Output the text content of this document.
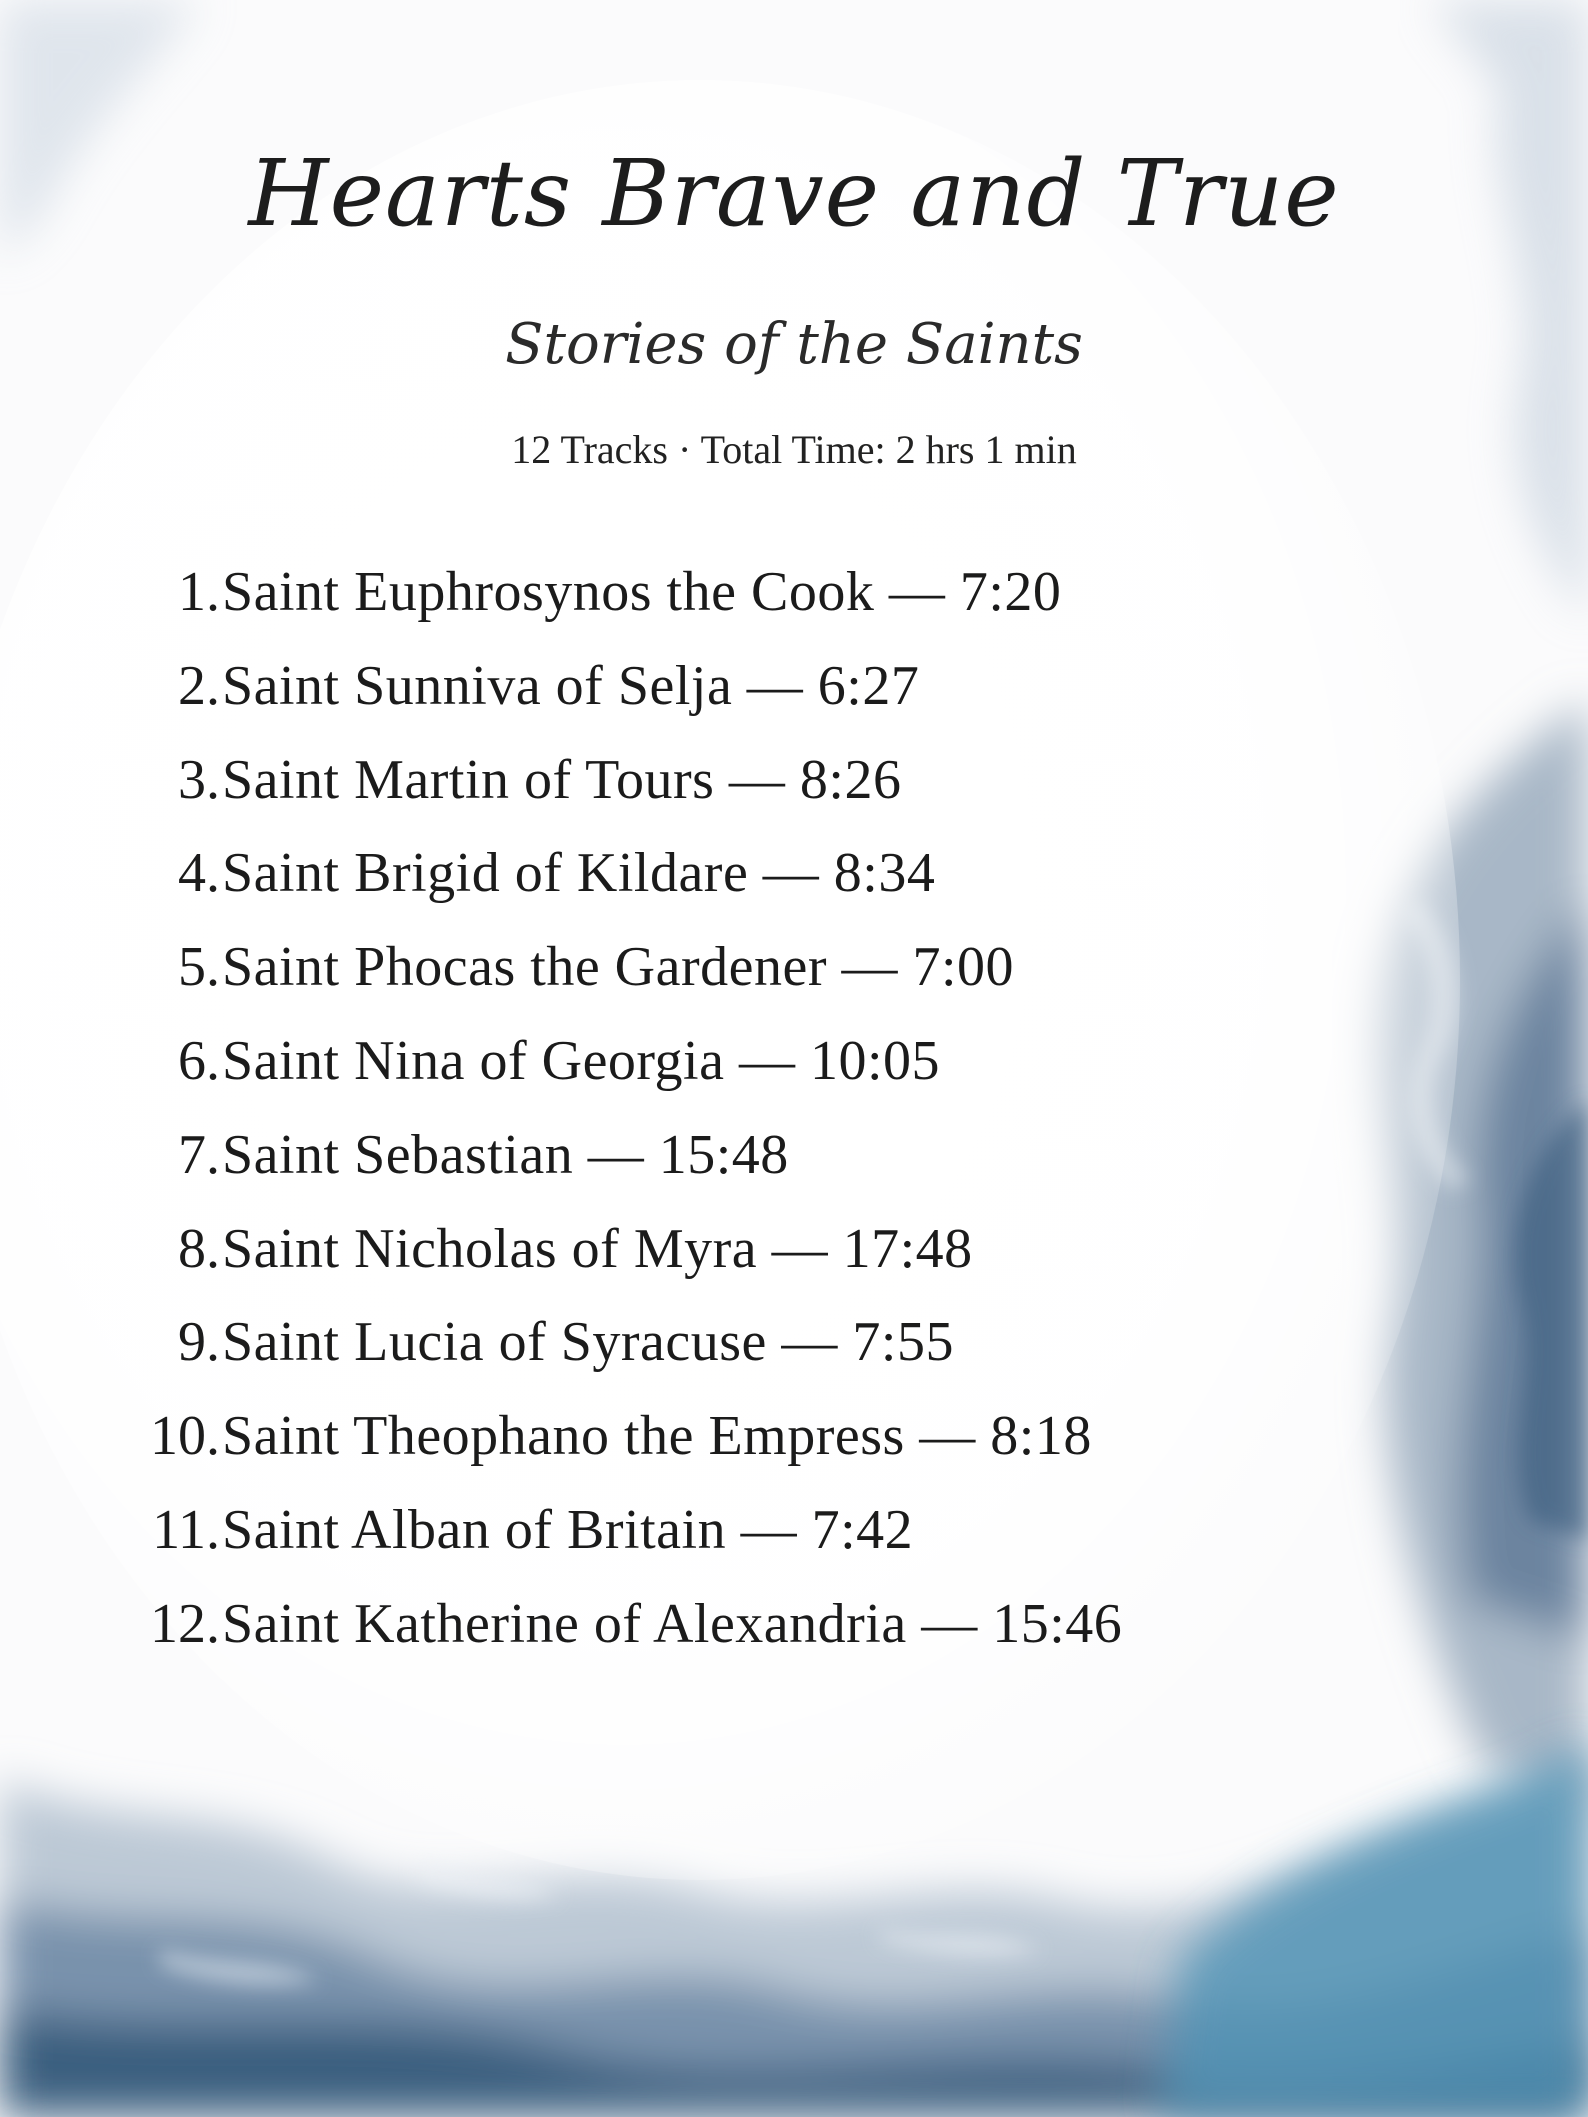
Hearts Brave and True
Stories of the Saints
12 Tracks · Total Time: 2 hrs 1 min
1. Saint Euphrosynos the Cook — 7:20
2. Saint Sunniva of Selja — 6:27
3. Saint Martin of Tours — 8:26
4. Saint Brigid of Kildare — 8:34
5. Saint Phocas the Gardener — 7:00
6. Saint Nina of Georgia — 10:05
7. Saint Sebastian — 15:48
8. Saint Nicholas of Myra — 17:48
9. Saint Lucia of Syracuse — 7:55
10. Saint Theophano the Empress — 8:18
11. Saint Alban of Britain — 7:42
12. Saint Katherine of Alexandria — 15:46
